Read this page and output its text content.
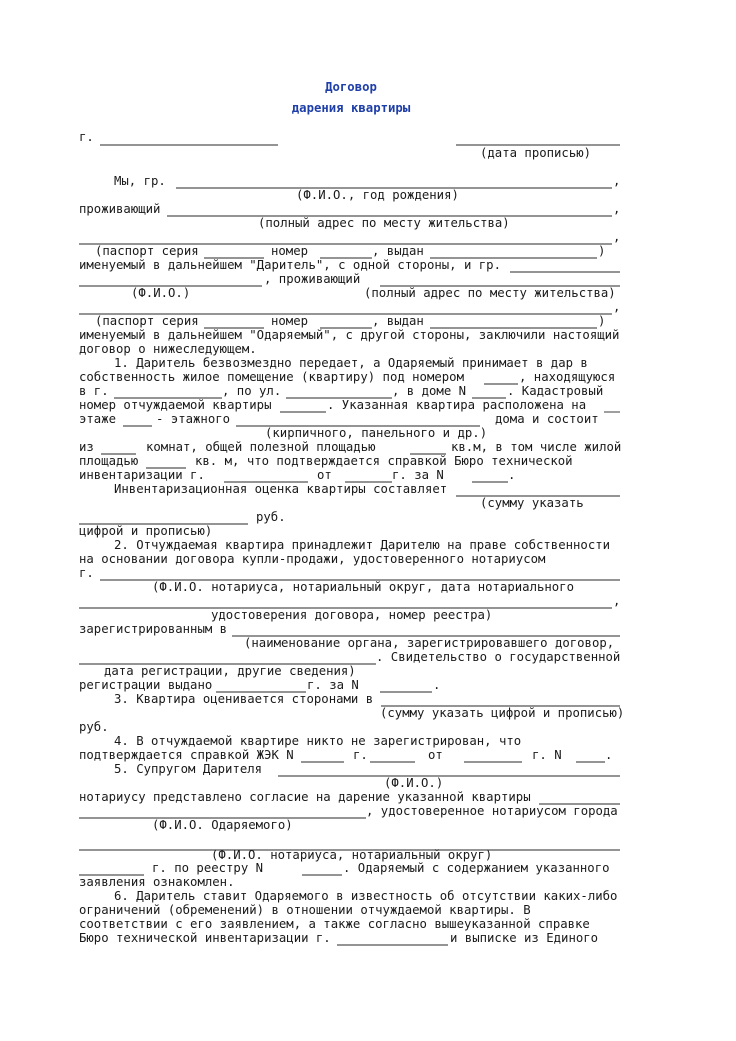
Договор
дарения квартиры
г.
(дата прописью)
Мы, гр.	,
(Ф.И.О., год рождения)
проживающий	,
(полный адрес по месту жительства)
,
(паспорт серия	номер	, выдан	)
именуемый в дальнейшем "Даритель", с одной стороны, и гр.
, проживающий
(Ф.И.О.)	(полный адрес по месту жительства)
,
(паспорт серия	номер	, выдан	)
именуемый в дальнейшем "Одаряемый", с другой стороны, заключили настоящий
договор о нижеследующем.
1. Даритель безвозмездно передает, а Одаряемый принимает в дар в
собственность жилое помещение (квартиру) под номером	, находящуюся
в г.	, по ул.	, в доме N	. Кадастровый
номер отчуждаемой квартиры	. Указанная квартира расположена на
этаже	- этажного	дома и состоит
(кирпичного, панельного и др.)
из	комнат, общей полезной площадью	кв.м, в том числе жилой
площадью	кв. м, что подтверждается справкой Бюро технической
инвентаризации г.	от	г. за N	.
Инвентаризационная оценка квартиры составляет
(сумму указать
руб.
цифрой и прописью)
2. Отчуждаемая квартира принадлежит Дарителю на праве собственности
на основании договора купли-продажи, удостоверенного нотариусом
г.
(Ф.И.О. нотариуса, нотариальный округ, дата нотариального
,
удостоверения договора, номер реестра)
зарегистрированным в
(наименование органа, зарегистрировавшего договор,
. Свидетельство о государственной
дата регистрации, другие сведения)
регистрации выдано	г. за N	.
3. Квартира оценивается сторонами в
(сумму указать цифрой и прописью)
руб.
4. В отчуждаемой квартире никто не зарегистрирован, что
подтверждается справкой ЖЭК N	г.	от	г. N	.
5. Супругом Дарителя
(Ф.И.О.)
нотариусу представлено согласие на дарение указанной квартиры
, удостоверенное нотариусом города
(Ф.И.О. Одаряемого)
(Ф.И.О. нотариуса, нотариальный округ)
г. по реестру N	. Одаряемый с содержанием указанного
заявления ознакомлен.
6. Даритель ставит Одаряемого в известность об отсутствии каких-либо
ограничений (обременений) в отношении отчуждаемой квартиры. В
соответствии с его заявлением, а также согласно вышеуказанной справке
Бюро технической инвентаризации г.	и выписке из Единого
